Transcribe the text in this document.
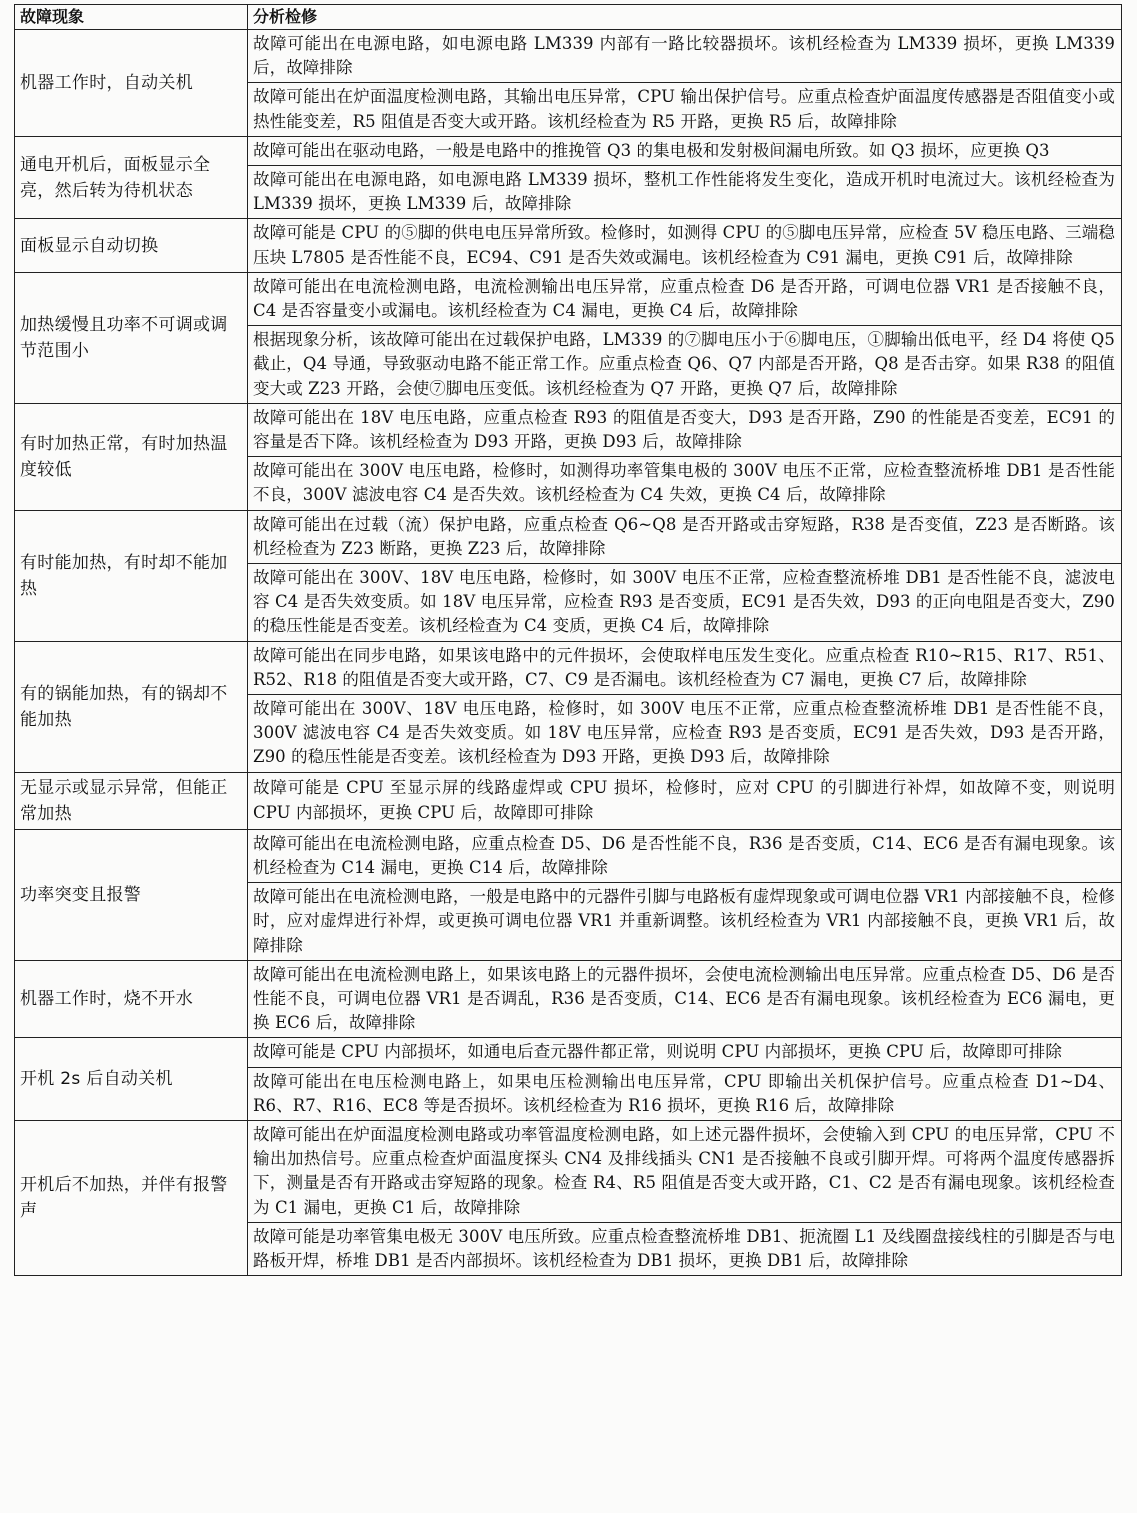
故障现象	分析检修
机器工作时，自动关机	故障可能出在电源电路，如电源电路 LM339 内部有一路比较器损坏。该机经检查为 LM339 损坏，更换 LM339 后，故障排除
	故障可能出在炉面温度检测电路，其输出电压异常，CPU 输出保护信号。应重点检查炉面温度传感器是否阻值变小或热性能变差，R5 阻值是否变大或开路。该机经检查为 R5 开路，更换 R5 后，故障排除
通电开机后，面板显示全亮，然后转为待机状态	故障可能出在驱动电路，一般是电路中的推挽管 Q3 的集电极和发射极间漏电所致。如 Q3 损坏，应更换 Q3
	故障可能出在电源电路，如电源电路 LM339 损坏，整机工作性能将发生变化，造成开机时电流过大。该机经检查为 LM339 损坏，更换 LM339 后，故障排除
面板显示自动切换	故障可能是 CPU 的⑤脚的供电电压异常所致。检修时，如测得 CPU 的⑤脚电压异常，应检查 5V 稳压电路、三端稳压块 L7805 是否性能不良，EC94、C91 是否失效或漏电。该机经检查为 C91 漏电，更换 C91 后，故障排除
加热缓慢且功率不可调或调节范围小	故障可能出在电流检测电路，电流检测输出电压异常，应重点检查 D6 是否开路，可调电位器 VR1 是否接触不良，C4 是否容量变小或漏电。该机经检查为 C4 漏电，更换 C4 后，故障排除
	根据现象分析，该故障可能出在过载保护电路，LM339 的⑦脚电压小于⑥脚电压，①脚输出低电平，经 D4 将使 Q5 截止，Q4 导通，导致驱动电路不能正常工作。应重点检查 Q6、Q7 内部是否开路，Q8 是否击穿。如果 R38 的阻值变大或 Z23 开路，会使⑦脚电压变低。该机经检查为 Q7 开路，更换 Q7 后，故障排除
有时加热正常，有时加热温度较低	故障可能出在 18V 电压电路，应重点检查 R93 的阻值是否变大，D93 是否开路，Z90 的性能是否变差，EC91 的容量是否下降。该机经检查为 D93 开路，更换 D93 后，故障排除
	故障可能出在 300V 电压电路，检修时，如测得功率管集电极的 300V 电压不正常，应检查整流桥堆 DB1 是否性能不良，300V 滤波电容 C4 是否失效。该机经检查为 C4 失效，更换 C4 后，故障排除
有时能加热，有时却不能加热	故障可能出在过载（流）保护电路，应重点检查 Q6~Q8 是否开路或击穿短路，R38 是否变值，Z23 是否断路。该机经检查为 Z23 断路，更换 Z23 后，故障排除
	故障可能出在 300V、18V 电压电路，检修时，如 300V 电压不正常，应检查整流桥堆 DB1 是否性能不良，滤波电容 C4 是否失效变质。如 18V 电压异常，应检查 R93 是否变质，EC91 是否失效，D93 的正向电阻是否变大，Z90 的稳压性能是否变差。该机经检查为 C4 变质，更换 C4 后，故障排除
有的锅能加热，有的锅却不能加热	故障可能出在同步电路，如果该电路中的元件损坏，会使取样电压发生变化。应重点检查 R10~R15、R17、R51、R52、R18 的阻值是否变大或开路，C7、C9 是否漏电。该机经检查为 C7 漏电，更换 C7 后，故障排除
	故障可能出在 300V、18V 电压电路，检修时，如 300V 电压不正常，应重点检查整流桥堆 DB1 是否性能不良，300V 滤波电容 C4 是否失效变质。如 18V 电压异常，应检查 R93 是否变质，EC91 是否失效，D93 是否开路，Z90 的稳压性能是否变差。该机经检查为 D93 开路，更换 D93 后，故障排除
无显示或显示异常，但能正常加热	故障可能是 CPU 至显示屏的线路虚焊或 CPU 损坏，检修时，应对 CPU 的引脚进行补焊，如故障不变，则说明 CPU 内部损坏，更换 CPU 后，故障即可排除
功率突变且报警	故障可能出在电流检测电路，应重点检查 D5、D6 是否性能不良，R36 是否变质，C14、EC6 是否有漏电现象。该机经检查为 C14 漏电，更换 C14 后，故障排除
	故障可能出在电流检测电路，一般是电路中的元器件引脚与电路板有虚焊现象或可调电位器 VR1 内部接触不良，检修时，应对虚焊进行补焊，或更换可调电位器 VR1 并重新调整。该机经检查为 VR1 内部接触不良，更换 VR1 后，故障排除
机器工作时，烧不开水	故障可能出在电流检测电路上，如果该电路上的元器件损坏，会使电流检测输出电压异常。应重点检查 D5、D6 是否性能不良，可调电位器 VR1 是否调乱，R36 是否变质，C14、EC6 是否有漏电现象。该机经检查为 EC6 漏电，更换 EC6 后，故障排除
开机 2s 后自动关机	故障可能是 CPU 内部损坏，如通电后查元器件都正常，则说明 CPU 内部损坏，更换 CPU 后，故障即可排除
	故障可能出在电压检测电路上，如果电压检测输出电压异常，CPU 即输出关机保护信号。应重点检查 D1~D4、R6、R7、R16、EC8 等是否损坏。该机经检查为 R16 损坏，更换 R16 后，故障排除
开机后不加热，并伴有报警声	故障可能出在炉面温度检测电路或功率管温度检测电路，如上述元器件损坏，会使输入到 CPU 的电压异常，CPU 不输出加热信号。应重点检查炉面温度探头 CN4 及排线插头 CN1 是否接触不良或引脚开焊。可将两个温度传感器拆下，测量是否有开路或击穿短路的现象。检查 R4、R5 阻值是否变大或开路，C1、C2 是否有漏电现象。该机经检查为 C1 漏电，更换 C1 后，故障排除
	故障可能是功率管集电极无 300V 电压所致。应重点检查整流桥堆 DB1、扼流圈 L1 及线圈盘接线柱的引脚是否与电路板开焊，桥堆 DB1 是否内部损坏。该机经检查为 DB1 损坏，更换 DB1 后，故障排除
